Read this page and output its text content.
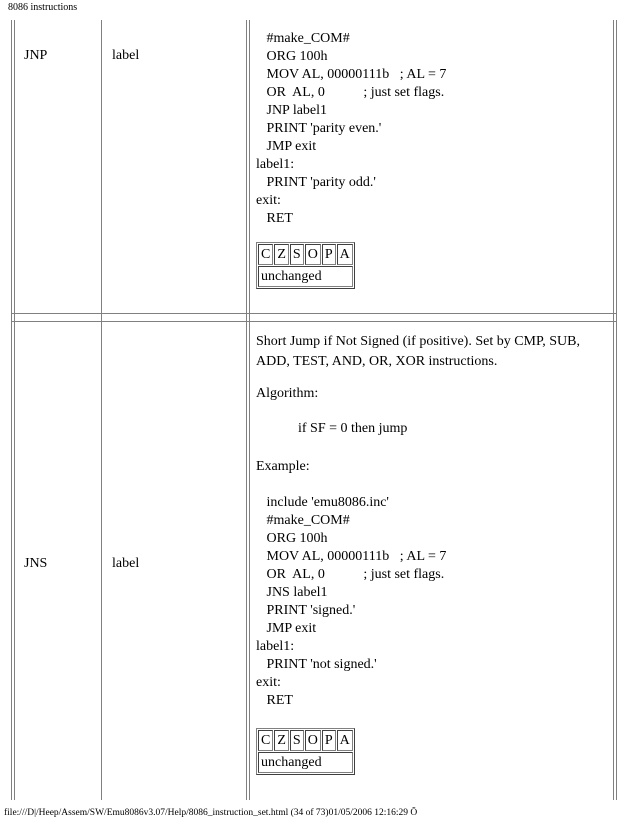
8086 instructions
JNP	label
#make_COM#
ORG 100h
MOV AL, 00000111b   ; AL = 7
OR  AL, 0           ; just set flags.
JNP label1
PRINT 'parity even.'
JMP exit
label1:
PRINT 'parity odd.'
exit:
RET
C	Z	S	O	P	A
unchanged
JNS	label
Short Jump if Not Signed (if positive). Set by CMP, SUB, ADD, TEST, AND, OR, XOR instructions.
Algorithm:
if SF = 0 then jump
Example:
include 'emu8086.inc'
#make_COM#
ORG 100h
MOV AL, 00000111b   ; AL = 7
OR  AL, 0           ; just set flags.
JNS label1
PRINT 'signed.'
JMP exit
label1:
PRINT 'not signed.'
exit:
RET
C	Z	S	O	P	A
unchanged
file:///D|/Heep/Assem/SW/Emu8086v3.07/Help/8086_instruction_set.html (34 of 73)01/05/2006 12:16:29 Õ
